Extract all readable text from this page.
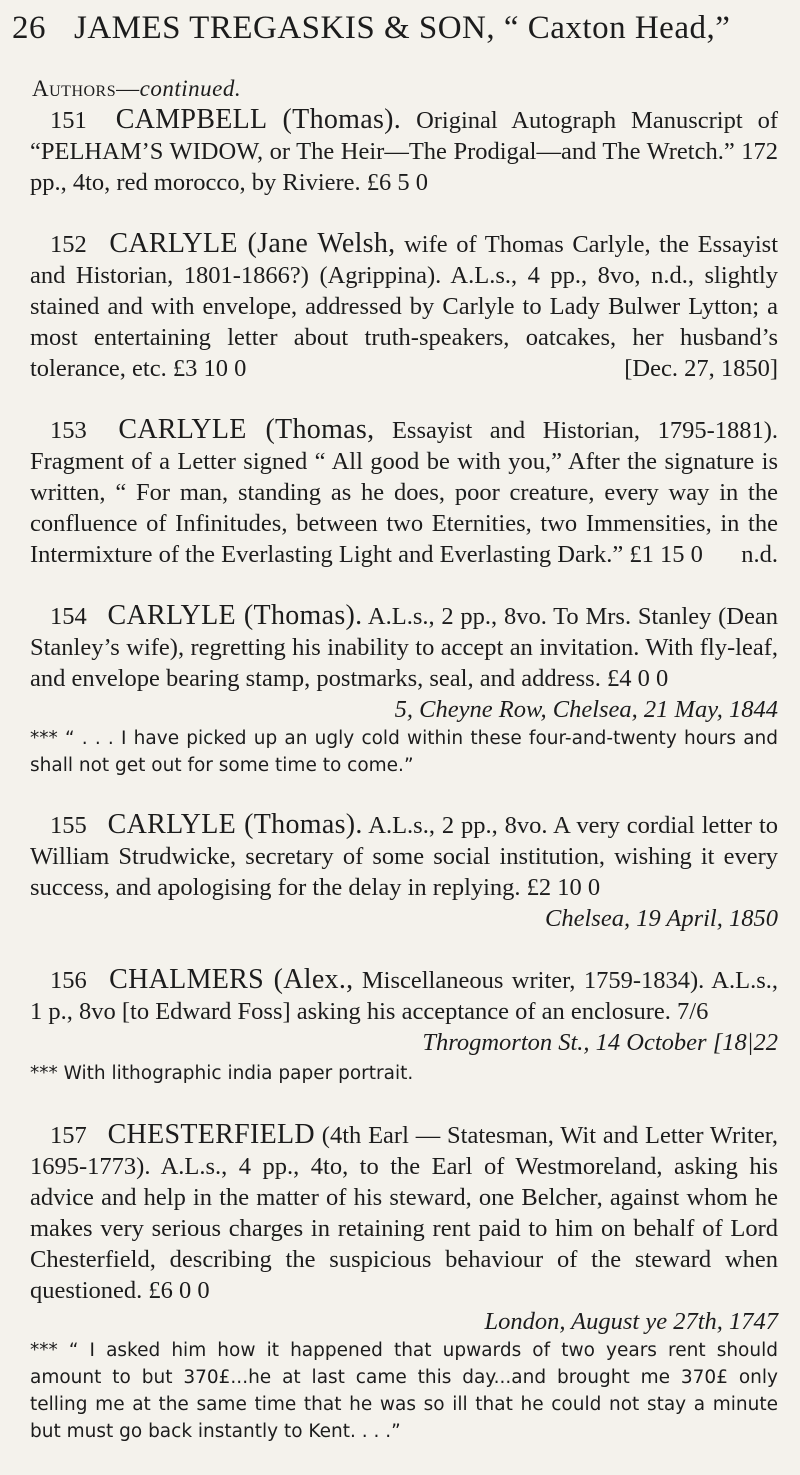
26 JAMES TREGASKIS & SON, “ Caxton Head,”
Authors—continued.
151 CAMPBELL (Thomas). Original Autograph Manuscript of “PELHAM’S WIDOW, or The Heir—The Prodigal—and The Wretch.” 172 pp., 4to, red morocco, by Riviere. £6 5 0
152 CARLYLE (Jane Welsh, wife of Thomas Carlyle, the Essayist and Historian, 1801-1866?) (Agrippina). A.L.s., 4 pp., 8vo, n.d., slightly stained and with envelope, addressed by Carlyle to Lady Bulwer Lytton; a most entertaining letter about truth-speakers, oatcakes, her husband’s tolerance, etc. £3 10 0	[Dec. 27, 1850]
153 CARLYLE (Thomas, Essayist and Historian, 1795-1881). Fragment of a Letter signed “ All good be with you,” After the signature is written, “ For man, standing as he does, poor creature, every way in the confluence of Infinitudes, between two Eternities, two Immensities, in the Intermixture of the Everlasting Light and Everlasting Dark.” £1 15 0 n.d.
154 CARLYLE (Thomas). A.L.s., 2 pp., 8vo. To Mrs. Stanley (Dean Stanley’s wife), regretting his inability to accept an invitation. With fly-leaf, and envelope bearing stamp, postmarks, seal, and address. £4 0 0
5, Cheyne Row, Chelsea, 21 May, 1844
*** “ . . . I have picked up an ugly cold within these four-and-twenty hours and shall not get out for some time to come.”
155 CARLYLE (Thomas). A.L.s., 2 pp., 8vo. A very cordial letter to William Strudwicke, secretary of some social institution, wishing it every success, and apologising for the delay in replying. £2 10 0
Chelsea, 19 April, 1850
156 CHALMERS (Alex., Miscellaneous writer, 1759-1834). A.L.s., 1 p., 8vo [to Edward Foss] asking his acceptance of an enclosure. 7/6
Throgmorton St., 14 October [18|22
*** With lithographic india paper portrait.
157 CHESTERFIELD (4th Earl — Statesman, Wit and Letter Writer, 1695-1773). A.L.s., 4 pp., 4to, to the Earl of Westmoreland, asking his advice and help in the matter of his steward, one Belcher, against whom he makes very serious charges in retaining rent paid to him on behalf of Lord Chesterfield, describing the suspicious behaviour of the steward when questioned. £6 0 0
London, August ye 27th, 1747
*** “ I asked him how it happened that upwards of two years rent should amount to but 370£...he at last came this day...and brought me 370£ only telling me at the same time that he was so ill that he could not stay a minute but must go back instantly to Kent. . . .”
